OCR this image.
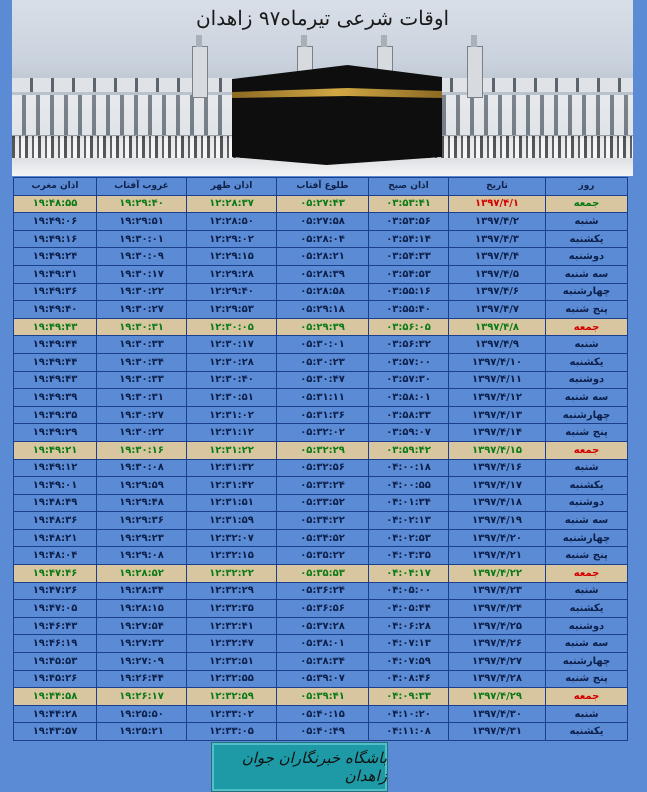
اوقات شرعی تیرماه۹۷ زاهدان
روز	تاریخ	اذان صبح	طلوع آفتاب	اذان ظهر	غروب آفتاب	اذان مغرب
جمعه	۱۳۹۷/۴/۱	۰۳:۵۳:۴۱	۰۵:۲۷:۴۳	۱۲:۲۸:۳۷	۱۹:۲۹:۴۰	۱۹:۴۸:۵۵
شنبه	۱۳۹۷/۴/۲	۰۳:۵۳:۵۶	۰۵:۲۷:۵۸	۱۲:۲۸:۵۰	۱۹:۲۹:۵۱	۱۹:۴۹:۰۶
یکشنبه	۱۳۹۷/۴/۳	۰۳:۵۴:۱۴	۰۵:۲۸:۰۴	۱۲:۲۹:۰۲	۱۹:۳۰:۰۱	۱۹:۴۹:۱۶
دوشنبه	۱۳۹۷/۴/۴	۰۳:۵۴:۳۳	۰۵:۲۸:۲۱	۱۲:۲۹:۱۵	۱۹:۳۰:۰۹	۱۹:۴۹:۲۴
سه شنبه	۱۳۹۷/۴/۵	۰۳:۵۴:۵۳	۰۵:۲۸:۳۹	۱۲:۲۹:۲۸	۱۹:۳۰:۱۷	۱۹:۴۹:۳۱
چهارشنبه	۱۳۹۷/۴/۶	۰۳:۵۵:۱۶	۰۵:۲۸:۵۸	۱۲:۲۹:۴۰	۱۹:۳۰:۲۲	۱۹:۴۹:۳۶
پنج شنبه	۱۳۹۷/۴/۷	۰۳:۵۵:۴۰	۰۵:۲۹:۱۸	۱۲:۲۹:۵۳	۱۹:۳۰:۲۷	۱۹:۴۹:۴۰
جمعه	۱۳۹۷/۴/۸	۰۳:۵۶:۰۵	۰۵:۲۹:۳۹	۱۲:۳۰:۰۵	۱۹:۳۰:۳۱	۱۹:۴۹:۴۳
شنبه	۱۳۹۷/۴/۹	۰۳:۵۶:۳۲	۰۵:۳۰:۰۱	۱۲:۳۰:۱۷	۱۹:۳۰:۳۳	۱۹:۴۹:۴۴
یکشنبه	۱۳۹۷/۴/۱۰	۰۳:۵۷:۰۰	۰۵:۳۰:۲۳	۱۲:۳۰:۲۸	۱۹:۳۰:۳۴	۱۹:۴۹:۴۴
دوشنبه	۱۳۹۷/۴/۱۱	۰۳:۵۷:۳۰	۰۵:۳۰:۴۷	۱۲:۳۰:۴۰	۱۹:۳۰:۳۳	۱۹:۴۹:۴۳
سه شنبه	۱۳۹۷/۴/۱۲	۰۳:۵۸:۰۱	۰۵:۳۱:۱۱	۱۲:۳۰:۵۱	۱۹:۳۰:۳۱	۱۹:۴۹:۳۹
چهارشنبه	۱۳۹۷/۴/۱۳	۰۳:۵۸:۳۳	۰۵:۳۱:۳۶	۱۲:۳۱:۰۲	۱۹:۳۰:۲۷	۱۹:۴۹:۳۵
پنج شنبه	۱۳۹۷/۴/۱۴	۰۳:۵۹:۰۷	۰۵:۳۲:۰۲	۱۲:۳۱:۱۲	۱۹:۳۰:۲۲	۱۹:۴۹:۲۹
جمعه	۱۳۹۷/۴/۱۵	۰۳:۵۹:۴۲	۰۵:۳۲:۲۹	۱۲:۳۱:۲۲	۱۹:۳۰:۱۶	۱۹:۴۹:۲۱
شنبه	۱۳۹۷/۴/۱۶	۰۴:۰۰:۱۸	۰۵:۳۲:۵۶	۱۲:۳۱:۳۲	۱۹:۳۰:۰۸	۱۹:۴۹:۱۲
یکشنبه	۱۳۹۷/۴/۱۷	۰۴:۰۰:۵۵	۰۵:۳۳:۲۴	۱۲:۳۱:۴۲	۱۹:۲۹:۵۹	۱۹:۴۹:۰۱
دوشنبه	۱۳۹۷/۴/۱۸	۰۴:۰۱:۳۴	۰۵:۳۳:۵۲	۱۲:۳۱:۵۱	۱۹:۲۹:۴۸	۱۹:۴۸:۴۹
سه شنبه	۱۳۹۷/۴/۱۹	۰۴:۰۲:۱۳	۰۵:۳۴:۲۲	۱۲:۳۱:۵۹	۱۹:۲۹:۳۶	۱۹:۴۸:۳۶
چهارشنبه	۱۳۹۷/۴/۲۰	۰۴:۰۲:۵۳	۰۵:۳۴:۵۲	۱۲:۳۲:۰۷	۱۹:۲۹:۲۳	۱۹:۴۸:۲۱
پنج شنبه	۱۳۹۷/۴/۲۱	۰۴:۰۳:۳۵	۰۵:۳۵:۲۲	۱۲:۳۲:۱۵	۱۹:۲۹:۰۸	۱۹:۴۸:۰۴
جمعه	۱۳۹۷/۴/۲۲	۰۴:۰۴:۱۷	۰۵:۳۵:۵۳	۱۲:۳۲:۲۲	۱۹:۲۸:۵۲	۱۹:۴۷:۴۶
شنبه	۱۳۹۷/۴/۲۳	۰۴:۰۵:۰۰	۰۵:۳۶:۲۴	۱۲:۳۲:۲۹	۱۹:۲۸:۳۴	۱۹:۴۷:۲۶
یکشنبه	۱۳۹۷/۴/۲۴	۰۴:۰۵:۴۴	۰۵:۳۶:۵۶	۱۲:۳۲:۳۵	۱۹:۲۸:۱۵	۱۹:۴۷:۰۵
دوشنبه	۱۳۹۷/۴/۲۵	۰۴:۰۶:۲۸	۰۵:۳۷:۲۸	۱۲:۳۲:۴۱	۱۹:۲۷:۵۴	۱۹:۴۶:۴۳
سه شنبه	۱۳۹۷/۴/۲۶	۰۴:۰۷:۱۳	۰۵:۳۸:۰۱	۱۲:۳۲:۴۷	۱۹:۲۷:۳۲	۱۹:۴۶:۱۹
چهارشنبه	۱۳۹۷/۴/۲۷	۰۴:۰۷:۵۹	۰۵:۳۸:۳۴	۱۲:۳۲:۵۱	۱۹:۲۷:۰۹	۱۹:۴۵:۵۳
پنج شنبه	۱۳۹۷/۴/۲۸	۰۴:۰۸:۴۶	۰۵:۳۹:۰۷	۱۲:۳۲:۵۵	۱۹:۲۶:۴۴	۱۹:۴۵:۲۶
جمعه	۱۳۹۷/۴/۲۹	۰۴:۰۹:۳۳	۰۵:۳۹:۴۱	۱۲:۳۲:۵۹	۱۹:۲۶:۱۷	۱۹:۴۴:۵۸
شنبه	۱۳۹۷/۴/۳۰	۰۴:۱۰:۲۰	۰۵:۴۰:۱۵	۱۲:۳۳:۰۲	۱۹:۲۵:۵۰	۱۹:۴۴:۲۸
یکشنبه	۱۳۹۷/۴/۳۱	۰۴:۱۱:۰۸	۰۵:۴۰:۴۹	۱۲:۳۳:۰۵	۱۹:۲۵:۲۱	۱۹:۴۳:۵۷
باشگاه خبرنگاران جوان زاهدان
